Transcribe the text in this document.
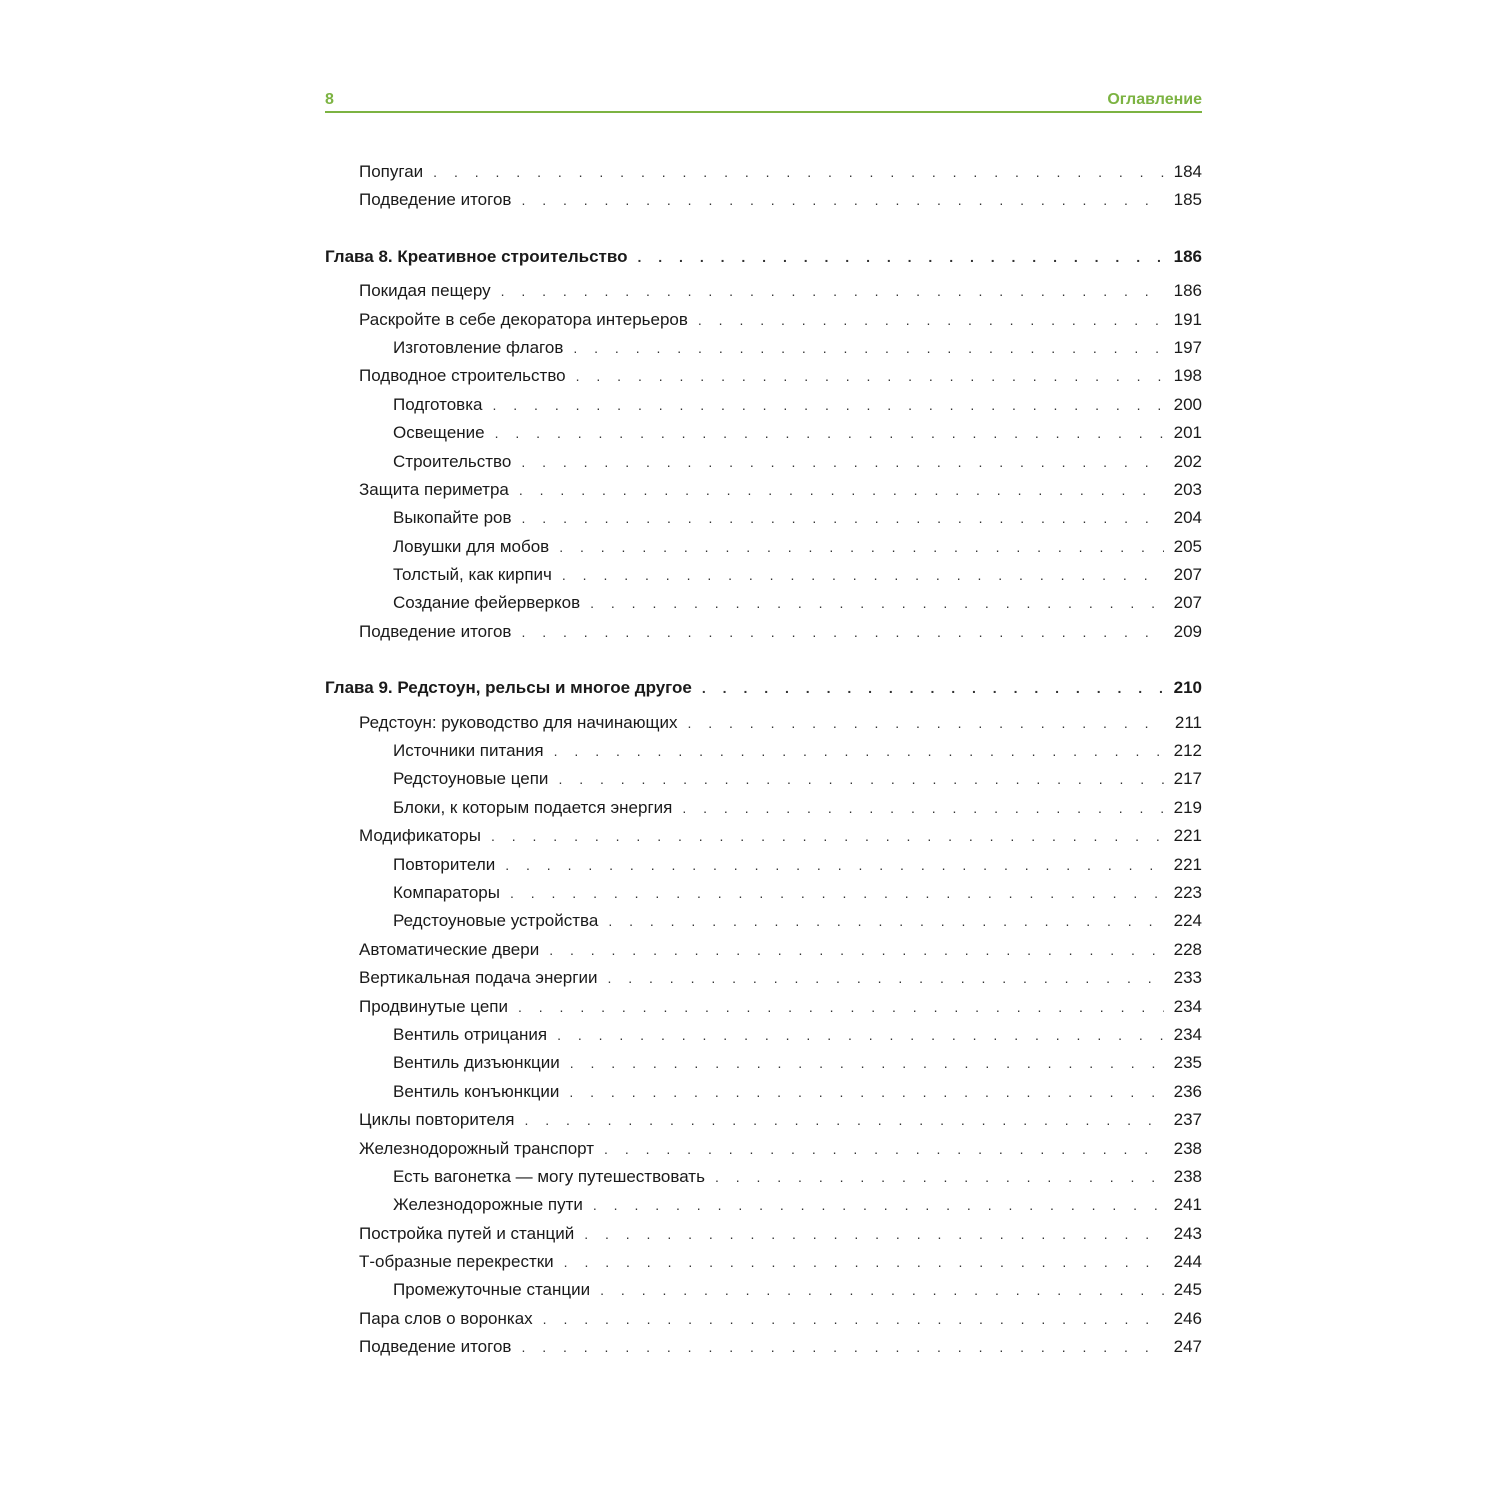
8	Оглавление
Попугаи . . .	184
Подведение итогов . . .	185
Глава 8. Креативное строительство . . .	186
Покидая пещеру . . .	186
Раскройте в себе декоратора интерьеров . . .	191
Изготовление флагов . . .	197
Подводное строительство . . .	198
Подготовка . . .	200
Освещение . . .	201
Строительство . . .	202
Защита периметра . . .	203
Выкопайте ров . . .	204
Ловушки для мобов . . .	205
Толстый, как кирпич . . .	207
Создание фейерверков . . .	207
Подведение итогов . . .	209
Глава 9. Редстоун, рельсы и многое другое . . .	210
Редстоун: руководство для начинающих . . .	211
Источники питания . . .	212
Редстоуновые цепи . . .	217
Блоки, к которым подается энергия . . .	219
Модификаторы . . .	221
Повторители . . .	221
Компараторы . . .	223
Редстоуновые устройства . . .	224
Автоматические двери . . .	228
Вертикальная подача энергии . . .	233
Продвинутые цепи . . .	234
Вентиль отрицания . . .	234
Вентиль дизъюнкции . . .	235
Вентиль конъюнкции . . .	236
Циклы повторителя . . .	237
Железнодорожный транспорт . . .	238
Есть вагонетка — могу путешествовать . . .	238
Железнодорожные пути . . .	241
Постройка путей и станций . . .	243
Т-образные перекрестки . . .	244
Промежуточные станции . . .	245
Пара слов о воронках . . .	246
Подведение итогов . . .	247
